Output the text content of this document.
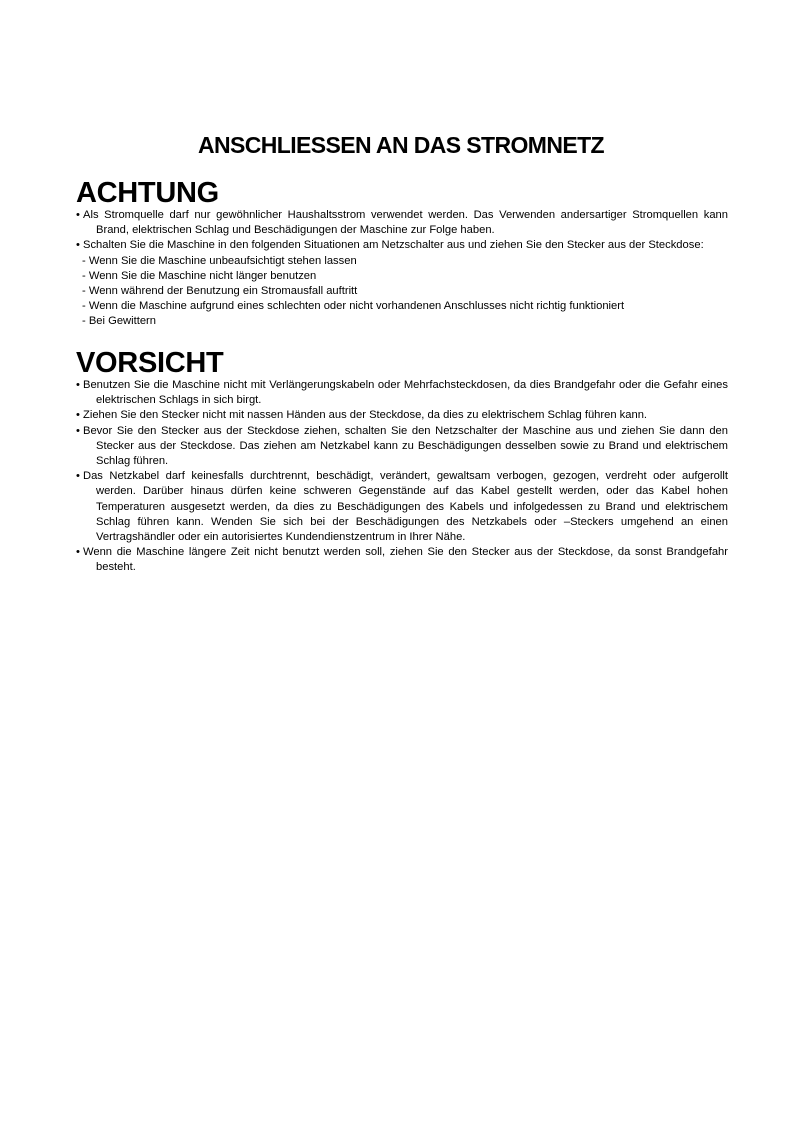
ANSCHLIESSEN AN DAS STROMNETZ
ACHTUNG

• Als Stromquelle darf nur gewöhnlicher Haushaltsstrom verwendet werden. Das Verwenden andersartiger Stromquellen kann Brand, elektrischen Schlag und Beschädigungen der Maschine zur Folge haben.

• Schalten Sie die Maschine in den folgenden Situationen am Netzschalter aus und ziehen Sie den Stecker aus der Steckdose:

- Wenn Sie die Maschine unbeaufsichtigt stehen lassen

- Wenn Sie die Maschine nicht länger benutzen

- Wenn während der Benutzung ein Stromausfall auftritt

- Wenn die Maschine aufgrund eines schlechten oder nicht vorhandenen Anschlusses nicht richtig funktioniert

- Bei Gewittern

VORSICHT

• Benutzen Sie die Maschine nicht mit Verlängerungskabeln oder Mehrfachsteckdosen, da dies Brandgefahr oder die Gefahr eines elektrischen Schlags in sich birgt.

• Ziehen Sie den Stecker nicht mit nassen Händen aus der Steckdose, da dies zu elektrischem Schlag führen kann.

• Bevor Sie den Stecker aus der Steckdose ziehen, schalten Sie den Netzschalter der Maschine aus und ziehen Sie dann den Stecker aus der Steckdose. Das ziehen am Netzkabel kann zu Beschädigungen desselben sowie zu Brand und elektrischem Schlag führen.

• Das Netzkabel darf keinesfalls durchtrennt, beschädigt, verändert, gewaltsam verbogen, gezogen, verdreht oder aufgerollt werden. Darüber hinaus dürfen keine schweren Gegenstände auf das Kabel gestellt werden, oder das Kabel hohen Temperaturen ausgesetzt werden, da dies zu Beschädigungen des Kabels und infolgedessen zu Brand und elektrischem Schlag führen kann. Wenden Sie sich bei der Beschädigungen des Netzkabels oder –Steckers umgehend an einen Vertragshändler oder ein autorisiertes Kundendienstzentrum in Ihrer Nähe.

• Wenn die Maschine längere Zeit nicht benutzt werden soll, ziehen Sie den Stecker aus der Steckdose, da sonst Brandgefahr besteht.
